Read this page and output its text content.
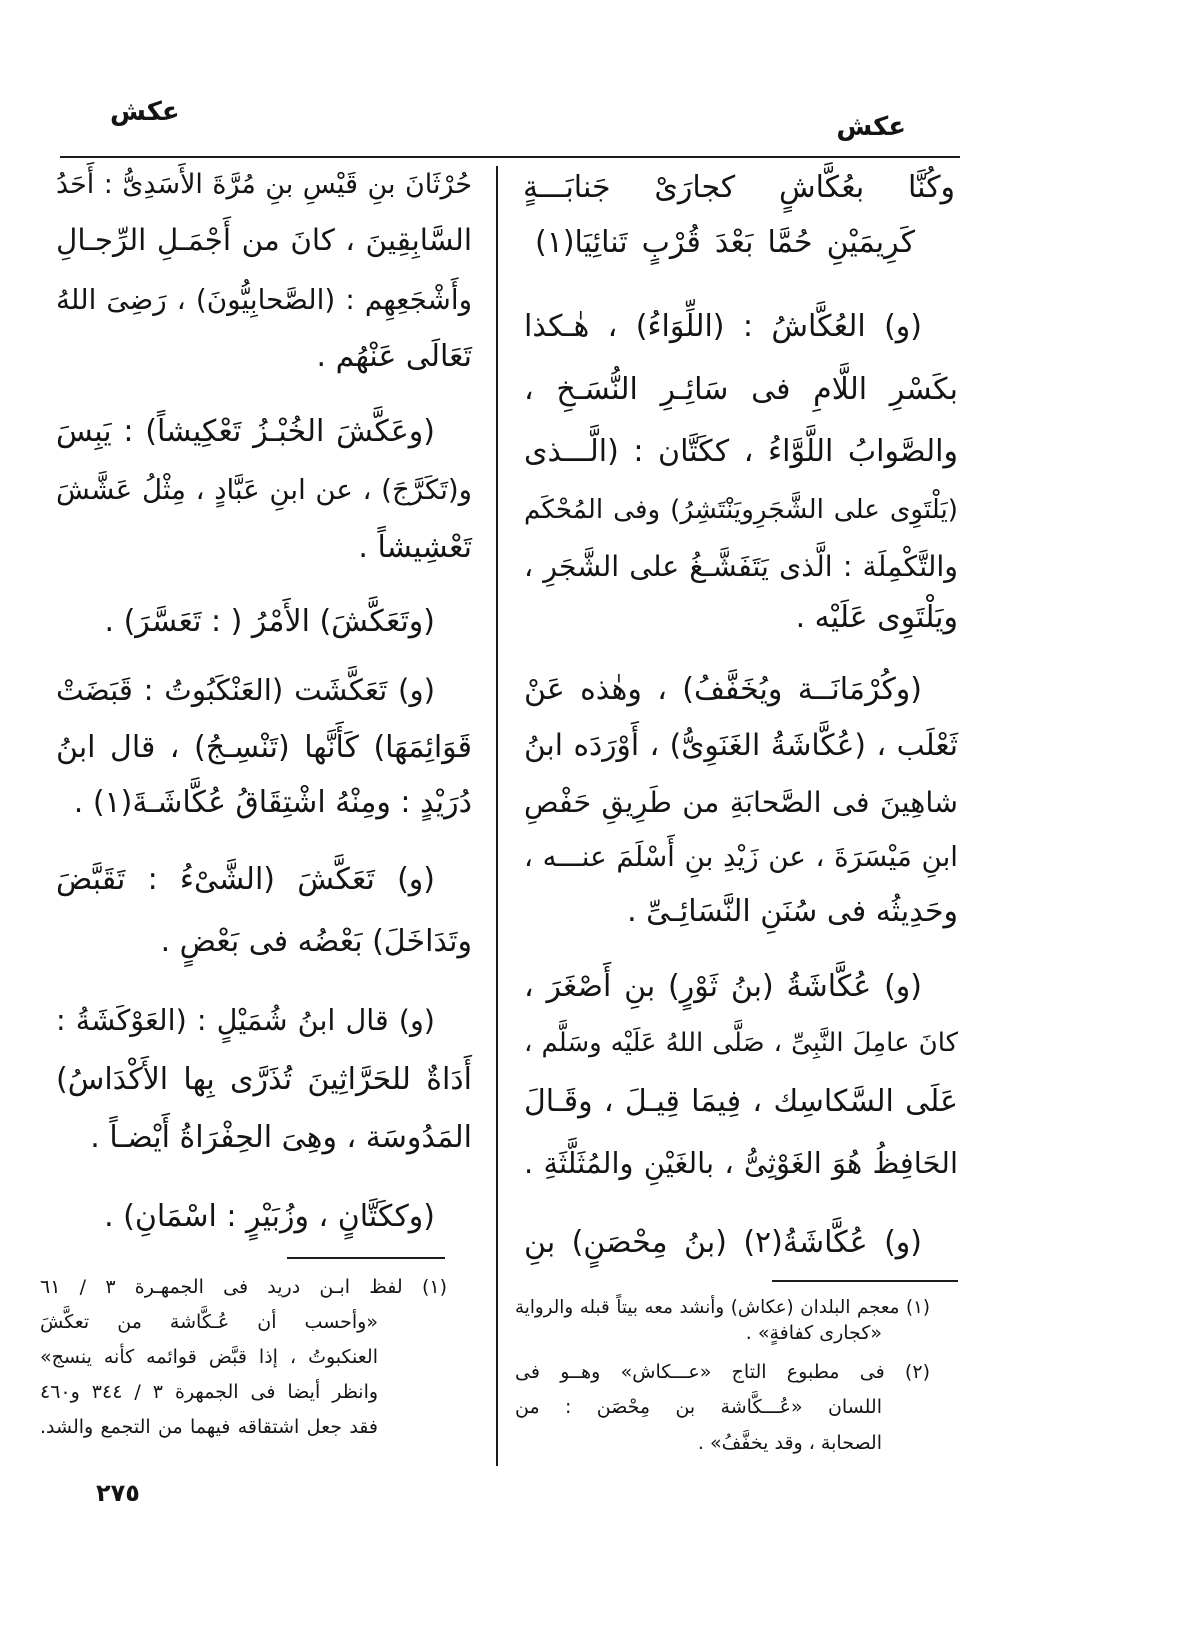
عكش
عكش
وكُنَّا بعُكَّاشٍ كجارَىْ جَنابَـــةٍ
كَرِيمَيْنِ حُمَّا بَعْدَ قُرْبٍ تَنائِيَا(١)
(و) العُكَّاشُ : (اللِّوَاءُ) ، هٰـكذا
بكَسْرِ اللَّامِ فى سَائِـرِ النُّسَـخِ ،
والصَّوابُ اللَّوَّاءُ ، ككَتَّان : (الَّـــذى
(يَلْتَوِى على الشَّجَرِويَنْتَشِرُ) وفى المُحْكَم
والتَّكْمِلَة : الَّذى يَتَفَشَّـغُ على الشَّجَرِ ،
ويَلْتَوِى عَلَيْه .
(وكُرْمَانَــة ويُخَفَّفُ) ، وهٰذه عَنْ
ثَعْلَب ، (عُكَّاشَةُ الغَنَوِىُّ) ، أَوْرَدَه ابنُ
شاهِينَ فى الصَّحابَةِ من طَرِيقِ حَفْصِ
ابنِ مَيْسَرَةَ ، عن زَيْدِ بنِ أَسْلَمَ عنـــه ،
وحَدِيثُه فى سُنَنِ النَّسَائِـىِّ .
(و) عُكَّاشَةُ (بنُ ثَوْرٍ) بنِ أَصْغَرَ ،
كانَ عامِلَ النَّبِىِّ ، صَلَّى اللهُ عَلَيْه وسَلَّم ،
عَلَى السَّكاسِك ، فِيمَا قِيـلَ ، وقَـالَ
الحَافِظُ هُوَ الغَوْثِىُّ ، بالغَيْنِ والمُثَلَّثَةِ .
(و) عُكَّاشَةُ(٢) (بنُ مِحْصَنٍ) بنِ
(١) معجم البلدان (عكاش) وأنشد معه بيتاً قبله والرواية
«كجارى كفافةٍ» .
(٢) فى مطبوع التاج «عـــكاش» وهــو فى
اللسان «عُـــكَّاشة بن مِحْصَن : من
الصحابة ، وقد يخفَّفُ» .
حُرْثَانَ بنِ قَيْسِ بنِ مُرَّةَ الأَسَدِىُّ : أَحَدُ
السَّابِقِينَ ، كانَ من أَجْمَـلِ الرِّجـالِ
وأَشْجَعِهِم : (الصَّحابِيُّونَ) ، رَضِىَ اللهُ
تَعَالَى عَنْهُم .
(وعَكَّشَ الخُبْـزُ تَعْكِيشاً) : يَبِسَ
و(تَكَرَّجَ) ، عن ابنِ عَبَّادٍ ، مِثْلُ عَشَّشَ
تَعْشِيشاً .
(وتَعَكَّشَ) الأَمْرُ ( : تَعَسَّرَ) .
(و) تَعَكَّشَت (العَنْكَبُوتُ : قَبَضَتْ
قَوَائِمَهَا) كَأَنَّها (تَنْسِـجُ) ، قال ابنُ
دُرَيْدٍ : ومِنْهُ اشْتِقَاقُ عُكَّاشَـةَ(١) .
(و) تَعَكَّشَ (الشَّىْءُ : تَقَبَّضَ
وتَدَاخَلَ) بَعْضُه فى بَعْضٍ .
(و) قال ابنُ شُمَيْلٍ : (العَوْكَشَةُ :
أَدَاةٌ للحَرَّاثِينَ تُذَرَّى بِها الأَكْدَاسُ)
المَدُوسَة ، وهِىَ الحِفْرَاةُ أَيْضـاً .
(وككَتَّانٍ ، وزُبَيْرٍ : اسْمَانِ) .
(١) لفظ ابـن دريد فى الجمهـرة ٣ / ٦١
«وأحسب أن عُـكَّاشة من تعكَّشَ
العنكبوتُ ، إذا قبَّض قوائمه كأنه ينسج»
وانظر أيضا فى الجمهرة ٣ / ٣٤٤ و٤٦٠
فقد جعل اشتقاقه فيهما من التجمع والشد.
٢٧٥
